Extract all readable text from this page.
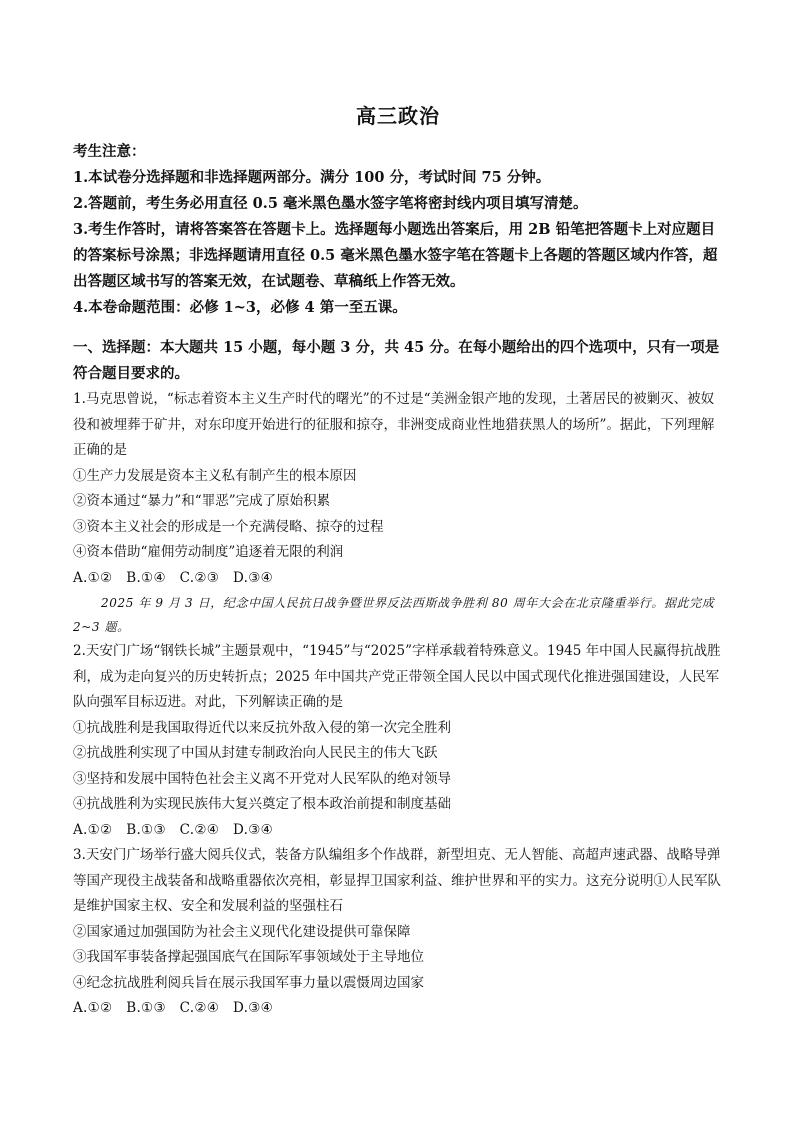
高三政治
考生注意：
1.本试卷分选择题和非选择题两部分。满分 100 分，考试时间 75 分钟。
2.答题前，考生务必用直径 0.5 毫米黑色墨水签字笔将密封线内项目填写清楚。
3.考生作答时，请将答案答在答题卡上。选择题每小题选出答案后，用 2B 铅笔把答题卡上对应题目的答案标号涂黑；非选择题请用直径 0.5 毫米黑色墨水签字笔在答题卡上各题的答题区域内作答，超出答题区域书写的答案无效，在试题卷、草稿纸上作答无效。
4.本卷命题范围：必修 1~3，必修 4 第一至五课。
一、选择题：本大题共 15 小题，每小题 3 分，共 45 分。在每小题给出的四个选项中，只有一项是符合题目要求的。
1.马克思曾说，“标志着资本主义生产时代的曙光”的不过是“美洲金银产地的发现，土著居民的被剿灭、被奴役和被埋葬于矿井，对东印度开始进行的征服和掠夺，非洲变成商业性地猎获黑人的场所”。据此，下列理解正确的是
①生产力发展是资本主义私有制产生的根本原因
②资本通过“暴力”和“罪恶”完成了原始积累
③资本主义社会的形成是一个充满侵略、掠夺的过程
④资本借助“雇佣劳动制度”追逐着无限的利润
A.①②　B.①④　C.②③　D.③④
2025 年 9 月 3 日，纪念中国人民抗日战争暨世界反法西斯战争胜利 80 周年大会在北京隆重举行。据此完成 2~3 题。
2.天安门广场“钢铁长城”主题景观中，“1945”与“2025”字样承载着特殊意义。1945 年中国人民赢得抗战胜利，成为走向复兴的历史转折点；2025 年中国共产党正带领全国人民以中国式现代化推进强国建设，人民军队向强军目标迈进。对此，下列解读正确的是
①抗战胜利是我国取得近代以来反抗外敌入侵的第一次完全胜利
②抗战胜利实现了中国从封建专制政治向人民民主的伟大飞跃
③坚持和发展中国特色社会主义离不开党对人民军队的绝对领导
④抗战胜利为实现民族伟大复兴奠定了根本政治前提和制度基础
A.①②　B.①③　C.②④　D.③④
3.天安门广场举行盛大阅兵仪式，装备方队编组多个作战群，新型坦克、无人智能、高超声速武器、战略导弹等国产现役主战装备和战略重器依次亮相，彰显捍卫国家利益、维护世界和平的实力。这充分说明①人民军队是维护国家主权、安全和发展利益的坚强柱石
②国家通过加强国防为社会主义现代化建设提供可靠保障
③我国军事装备撑起强国底气在国际军事领域处于主导地位
④纪念抗战胜利阅兵旨在展示我国军事力量以震慑周边国家
A.①②　B.①③　C.②④　D.③④
